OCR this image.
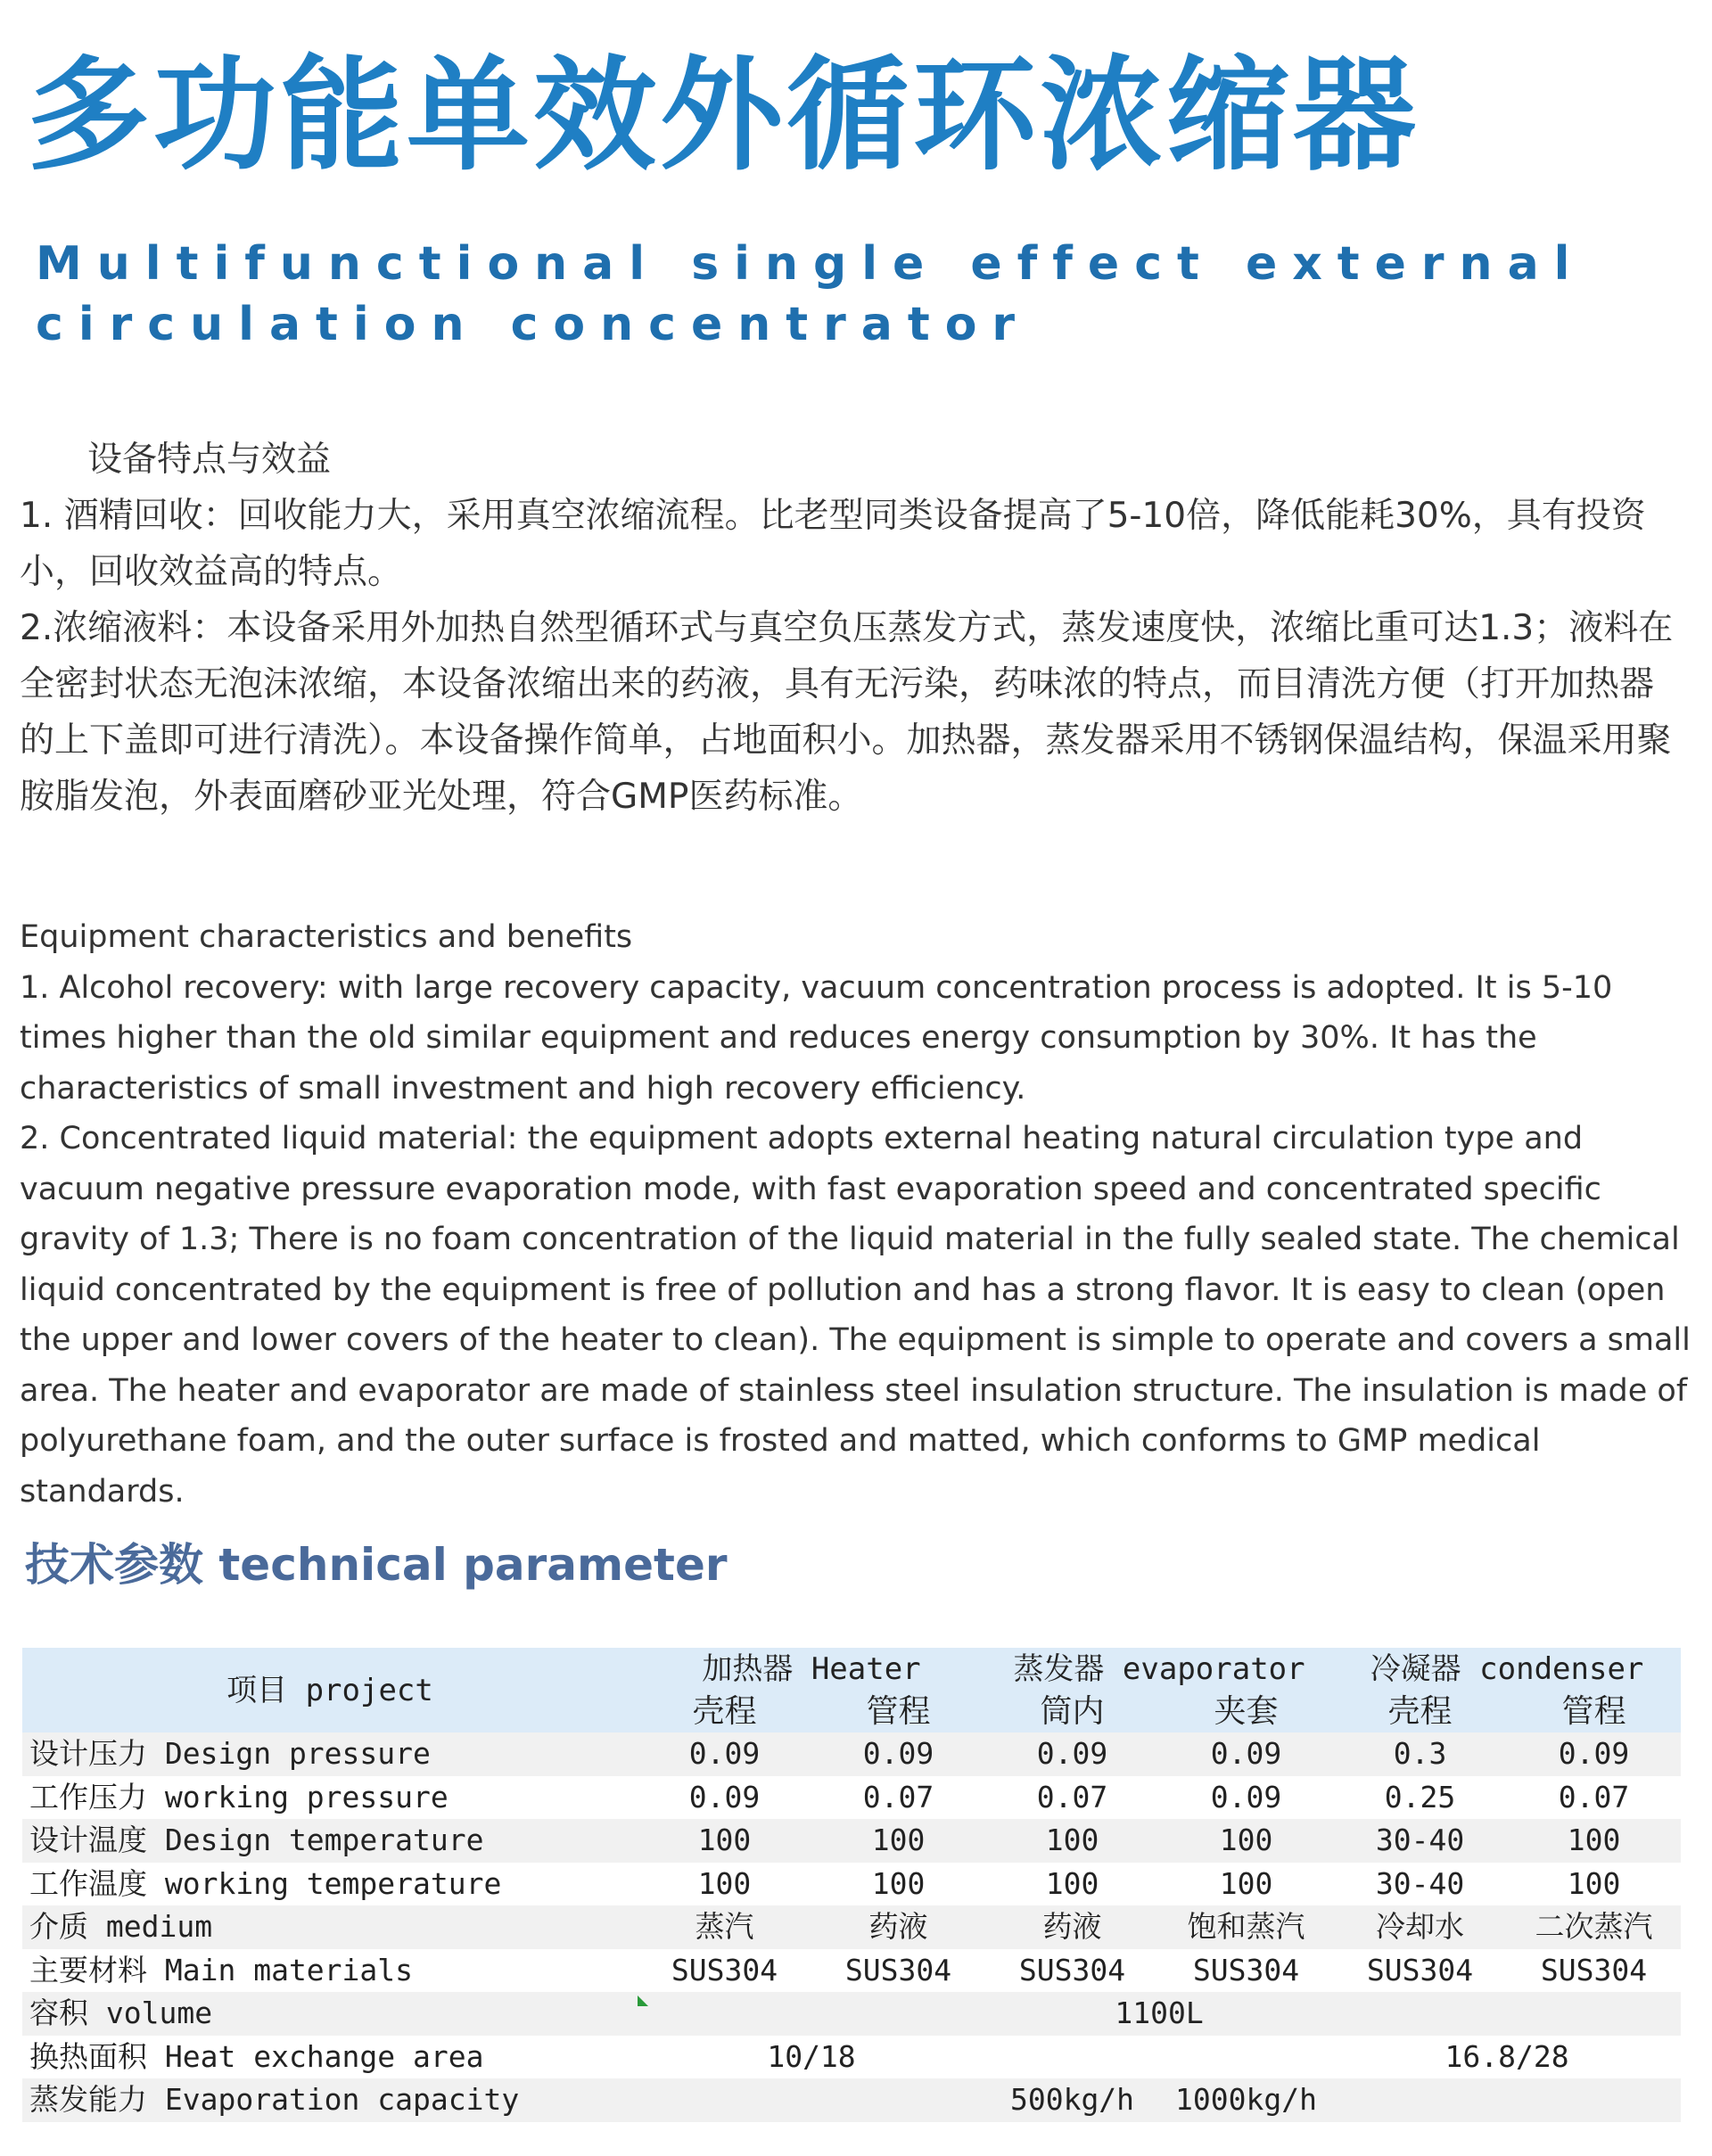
多功能单效外循环浓缩器
Multifunctional single effect external circulation concentrator

设备特点与效益

1. 酒精回收：回收能力大，采用真空浓缩流程。比老型同类设备提高了5-10倍，降低能耗30%，具有投资小，回收效益高的特点。

2.浓缩液料：本设备采用外加热自然型循环式与真空负压蒸发方式，蒸发速度快，浓缩比重可达1.3；液料在全密封状态无泡沫浓缩，本设备浓缩出来的药液，具有无污染，药味浓的特点，而目清洗方便（打开加热器的上下盖即可进行清洗）。本设备操作简单，占地面积小。加热器，蒸发器采用不锈钢保温结构，保温采用聚胺脂发泡，外表面磨砂亚光处理，符合GMP医药标准。

Equipment characteristics and benefits

1. Alcohol recovery: with large recovery capacity, vacuum concentration process is adopted. It is 5-10 times higher than the old similar equipment and reduces energy consumption by 30%. It has the characteristics of small investment and high recovery efficiency.

2. Concentrated liquid material: the equipment adopts external heating natural circulation type and vacuum negative pressure evaporation mode, with fast evaporation speed and concentrated specific gravity of 1.3; There is no foam concentration of the liquid material in the fully sealed state. The chemical liquid concentrated by the equipment is free of pollution and has a strong flavor. It is easy to clean (open the upper and lower covers of the heater to clean). The equipment is simple to operate and covers a small area. The heater and evaporator are made of stainless steel insulation structure. The insulation is made of polyurethane foam, and the outer surface is frosted and matted, which conforms to GMP medical standards.

技术参数 technical parameter
项目 project	加热器 Heater		蒸发器 evaporator		冷凝器 condenser	
	壳程	管程	筒内	夹套	壳程	管程
设计压力 Design pressure	0.09	0.09	0.09	0.09	0.3	0.09
工作压力 working pressure	0.09	0.07	0.07	0.09	0.25	0.07
设计温度 Design temperature	100	100	100	100	30-40	100
工作温度 working temperature	100	100	100	100	30-40	100
介质 medium	蒸汽	药液	药液	饱和蒸汽	冷却水	二次蒸汽
主要材料 Main materials	SUS304	SUS304	SUS304	SUS304	SUS304	SUS304
容积 volume	1100L					
换热面积 Heat exchange area	10/18				16.8/28	
蒸发能力 Evaporation capacity			500kg/h	1000kg/h		
